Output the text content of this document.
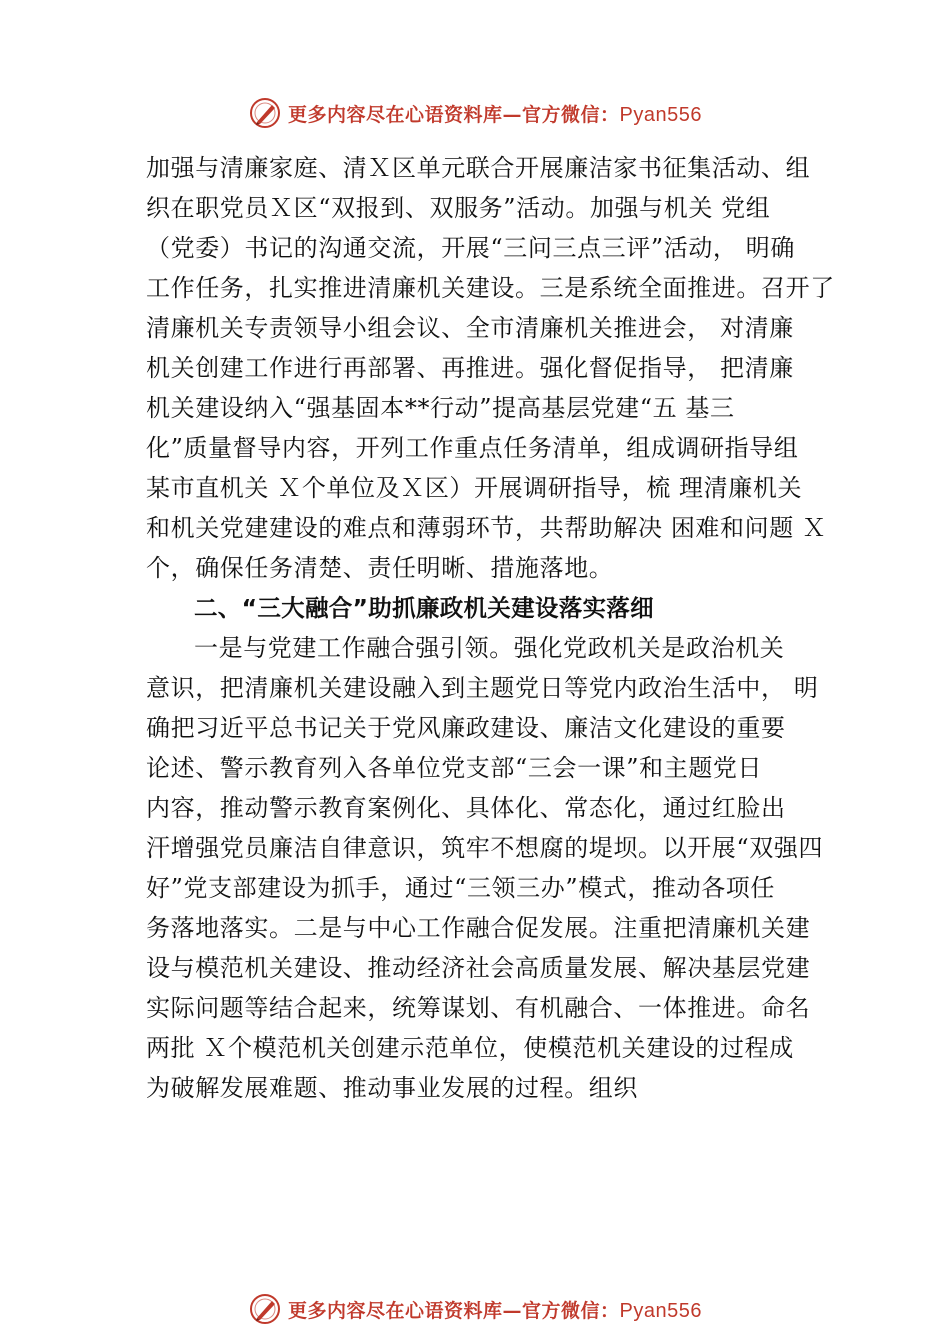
更多内容尽在心语资料库—官方微信：Pyan556
加强与清廉家庭、清Ｘ区单元联合开展廉洁家书征集活动、组
织在职党员Ｘ区“双报到、双服务”活动。加强与机关 党组
（党委）书记的沟通交流，开展“三问三点三评”活动， 明确
工作任务，扎实推进清廉机关建设。三是系统全面推进。召开了
清廉机关专责领导小组会议、全市清廉机关推进会， 对清廉
机关创建工作进行再部署、再推进。强化督促指导， 把清廉
机关建设纳入“强基固本**行动”提高基层党建“五 基三
化”质量督导内容，开列工作重点任务清单，组成调研指导组
某市直机关 Ｘ个单位及Ｘ区）开展调研指导，梳 理清廉机关
和机关党建建设的难点和薄弱环节，共帮助解决 困难和问题 Ｘ
个，确保任务清楚、责任明晰、措施落地。
二、“三大融合”助抓廉政机关建设落实落细
一是与党建工作融合强引领。强化党政机关是政治机关
意识，把清廉机关建设融入到主题党日等党内政治生活中， 明
确把习近平总书记关于党风廉政建设、廉洁文化建设的重要
论述、警示教育列入各单位党支部“三会一课”和主题党日
内容，推动警示教育案例化、具体化、常态化，通过红脸出
汗增强党员廉洁自律意识，筑牢不想腐的堤坝。以开展“双强四
好”党支部建设为抓手，通过“三领三办”模式，推动各项任
务落地落实。二是与中心工作融合促发展。注重把清廉机关建
设与模范机关建设、推动经济社会高质量发展、解决基层党建
实际问题等结合起来，统筹谋划、有机融合、一体推进。命名
两批 Ｘ个模范机关创建示范单位，使模范机关建设的过程成
为破解发展难题、推动事业发展的过程。组织
更多内容尽在心语资料库—官方微信：Pyan556
